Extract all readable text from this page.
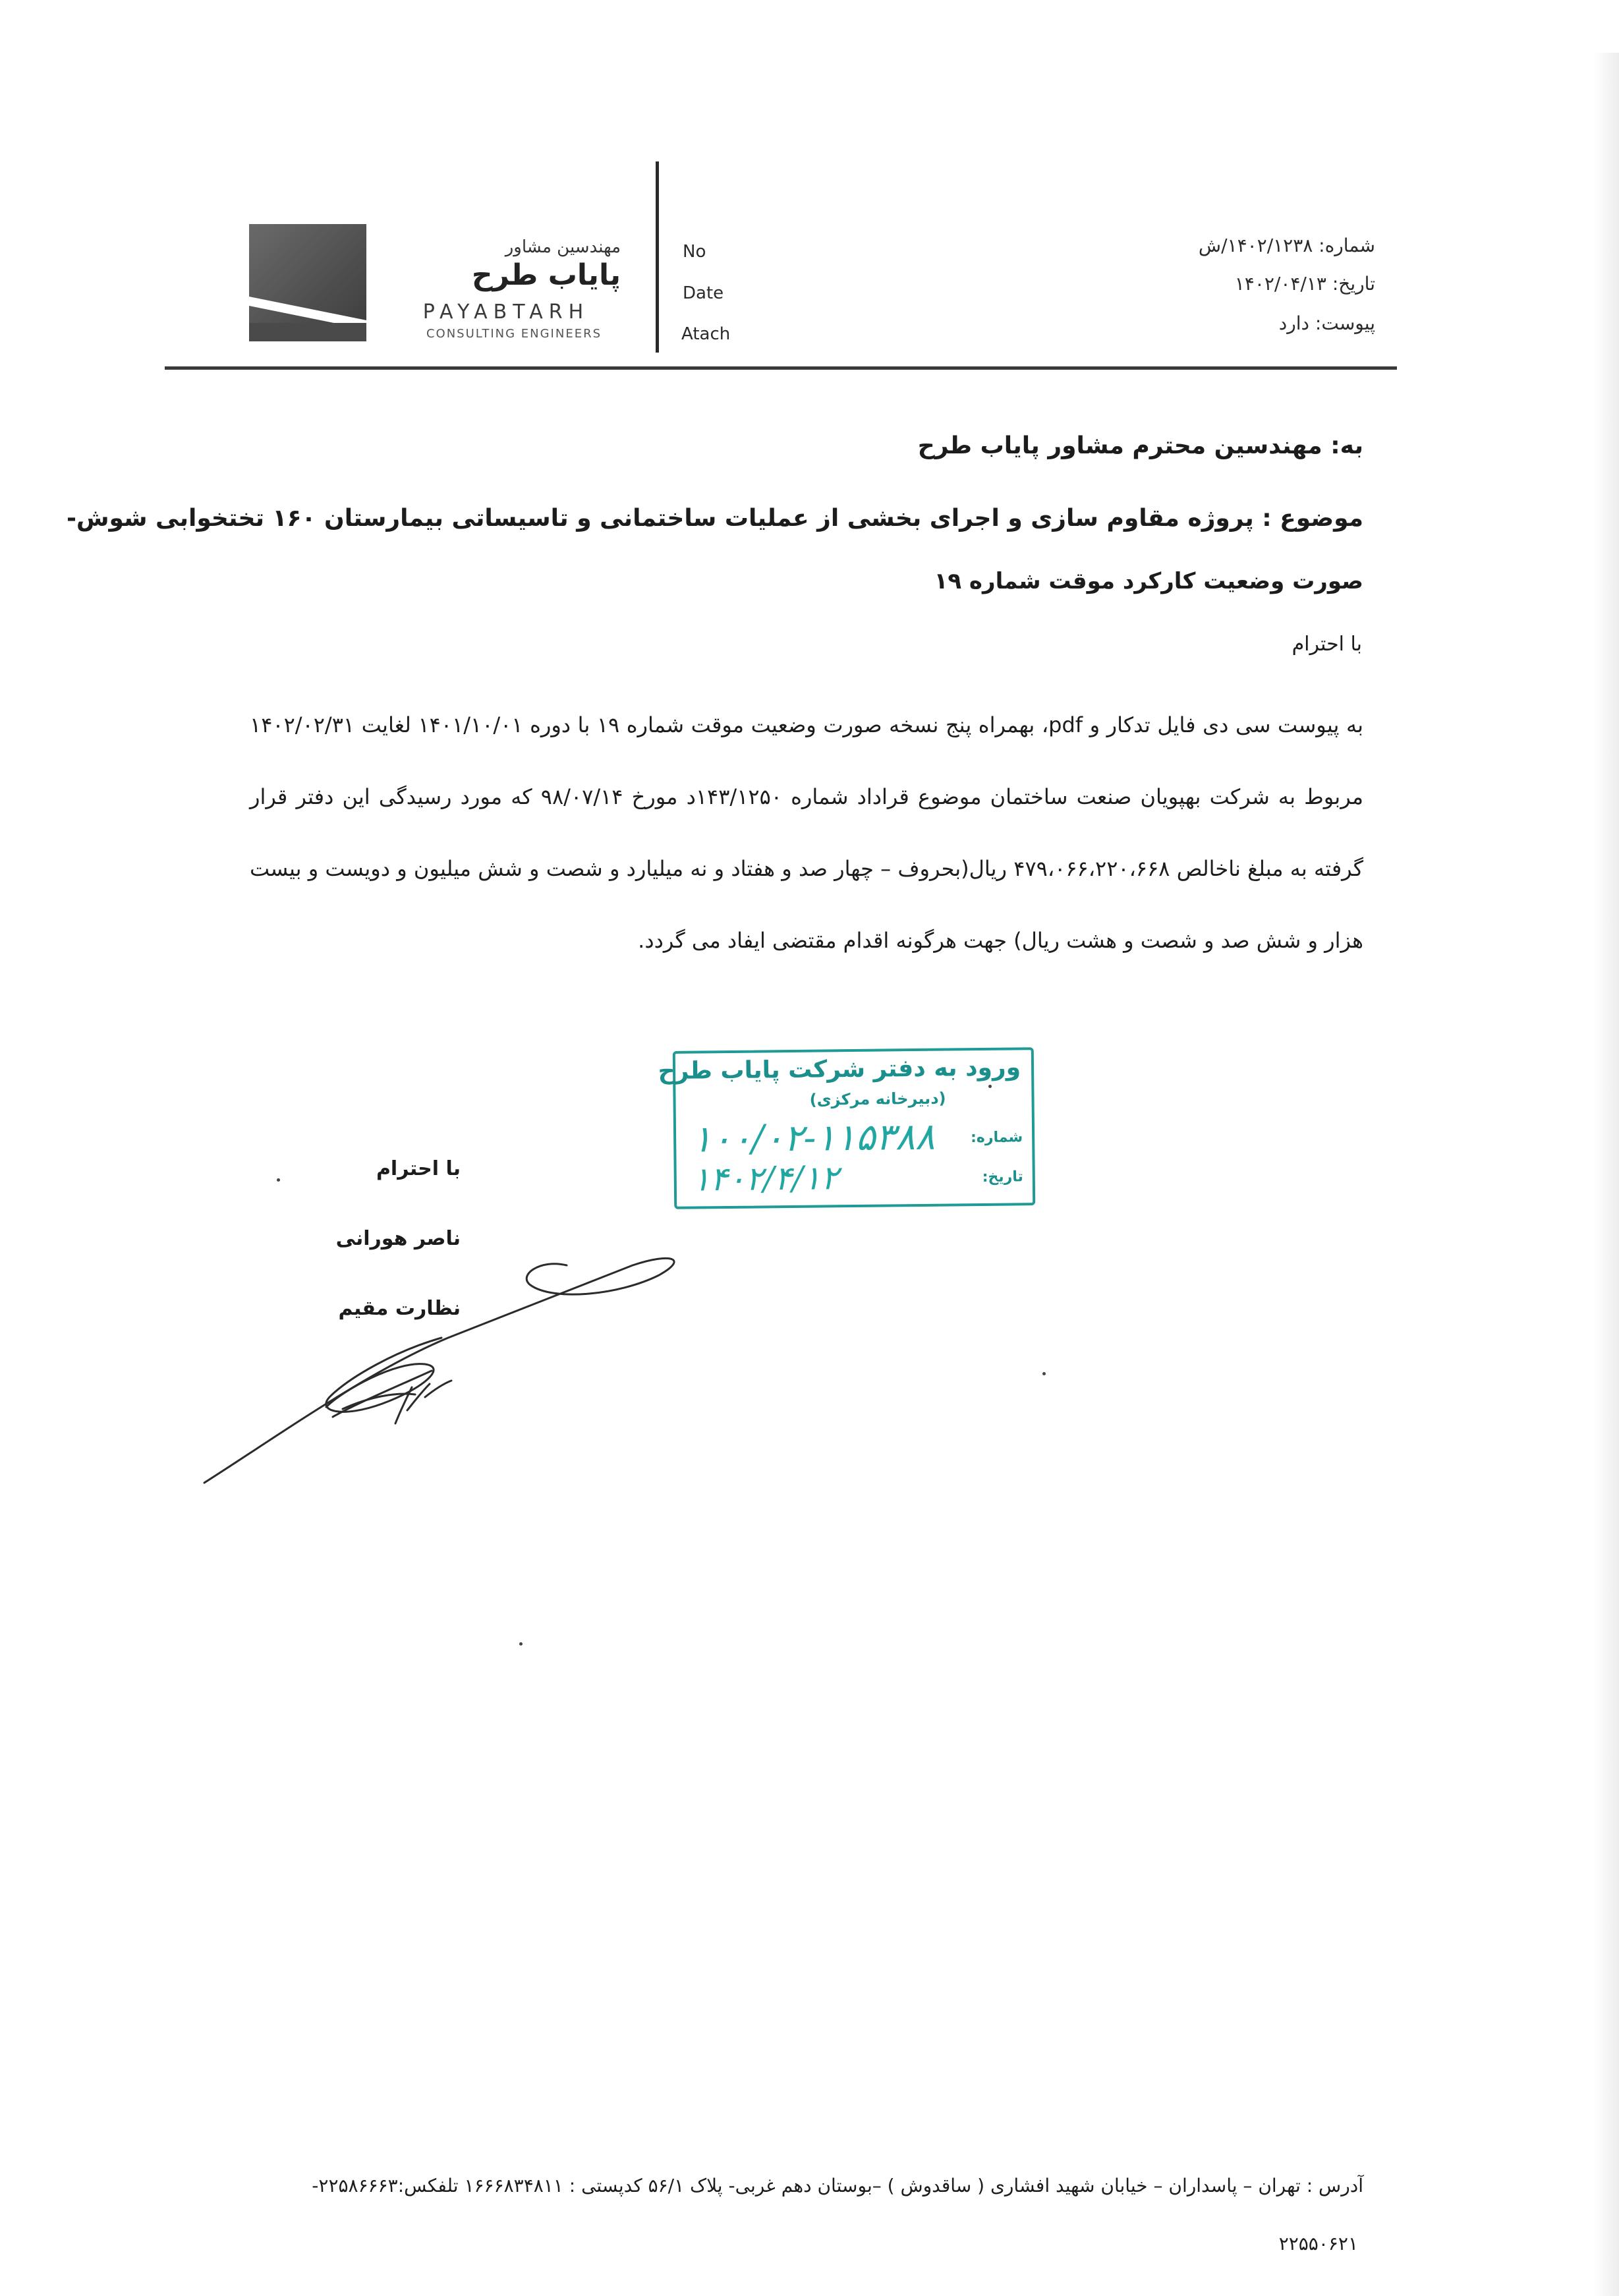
مهندسین مشاور
پایاب طرح
PAYABTARH
CONSULTING ENGINEERS
No
Date
Atach
شماره: ۱۴۰۲/۱۲۳۸/ش
تاریخ: ۱۴۰۲/۰۴/۱۳
پیوست: دارد
به: مهندسین محترم مشاور پایاب طرح
موضوع : پروژه مقاوم سازی و اجرای بخشی از عملیات ساختمانی و تاسیساتی بیمارستان ۱۶۰ تختخوابی شوش-
صورت وضعیت کارکرد موقت شماره ۱۹
با احترام
به پیوست سی دی فایل تدکار و pdf، بهمراه پنج نسخه صورت وضعیت موقت شماره ۱۹ با دوره ۱۴۰۱/۱۰/۰۱ لغایت ۱۴۰۲/۰۲/۳۱ مربوط به شرکت بهپویان صنعت ساختمان موضوع قراداد شماره ۱۴۳/۱۲۵۰د مورخ ۹۸/۰۷/۱۴ که مورد رسیدگی این دفتر قرار گرفته به مبلغ ناخالص ۴۷۹،۰۶۶،۲۲۰،۶۶۸ ریال(بحروف – چهار صد و هفتاد و نه میلیارد و شصت و شش میلیون و دویست و بیست هزار و شش صد و شصت و هشت ریال) جهت هرگونه اقدام مقتضی ایفاد می گردد.
ورود به دفتر شرکت پایاب طرح
(دبیرخانه مرکزی)
شماره:
۱۰۰/۰۲-۱۱۵۳۸۸
تاریخ:
۱۴۰۲/۴/۱۲
با احترام
ناصر هورانی
نظارت مقیم
آدرس : تهران – پاسداران – خیابان شهید افشاری ( ساقدوش ) –بوستان دهم غربی- پلاک ۵۶/۱ کدپستی : ۱۶۶۶۸۳۴۸۱۱ تلفکس:۲۲۵۸۶۶۶۳-
۲۲۵۵۰۶۲۱
